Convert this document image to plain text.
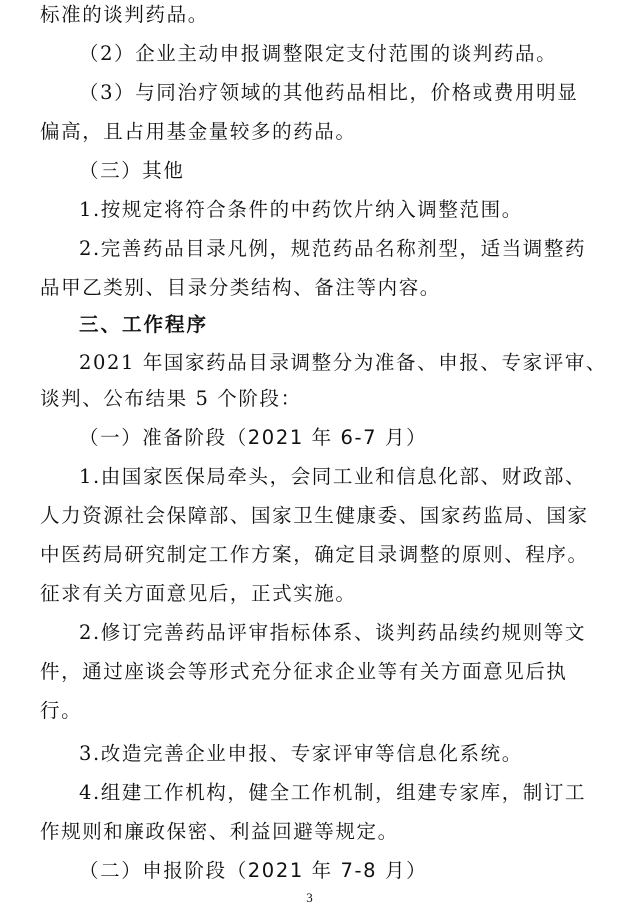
标准的谈判药品。
（2）企业主动申报调整限定支付范围的谈判药品。
（3）与同治疗领域的其他药品相比，价格或费用明显
偏高，且占用基金量较多的药品。
（三）其他
1.按规定将符合条件的中药饮片纳入调整范围。
2.完善药品目录凡例，规范药品名称剂型，适当调整药
品甲乙类别、目录分类结构、备注等内容。
三、工作程序
2021 年国家药品目录调整分为准备、申报、专家评审、
谈判、公布结果 5 个阶段：
（一）准备阶段（2021 年 6-7 月）
1.由国家医保局牵头，会同工业和信息化部、财政部、
人力资源社会保障部、国家卫生健康委、国家药监局、国家
中医药局研究制定工作方案，确定目录调整的原则、程序。
征求有关方面意见后，正式实施。
2.修订完善药品评审指标体系、谈判药品续约规则等文
件，通过座谈会等形式充分征求企业等有关方面意见后执
行。
3.改造完善企业申报、专家评审等信息化系统。
4.组建工作机构，健全工作机制，组建专家库，制订工
作规则和廉政保密、利益回避等规定。
（二）申报阶段（2021 年 7-8 月）
3
